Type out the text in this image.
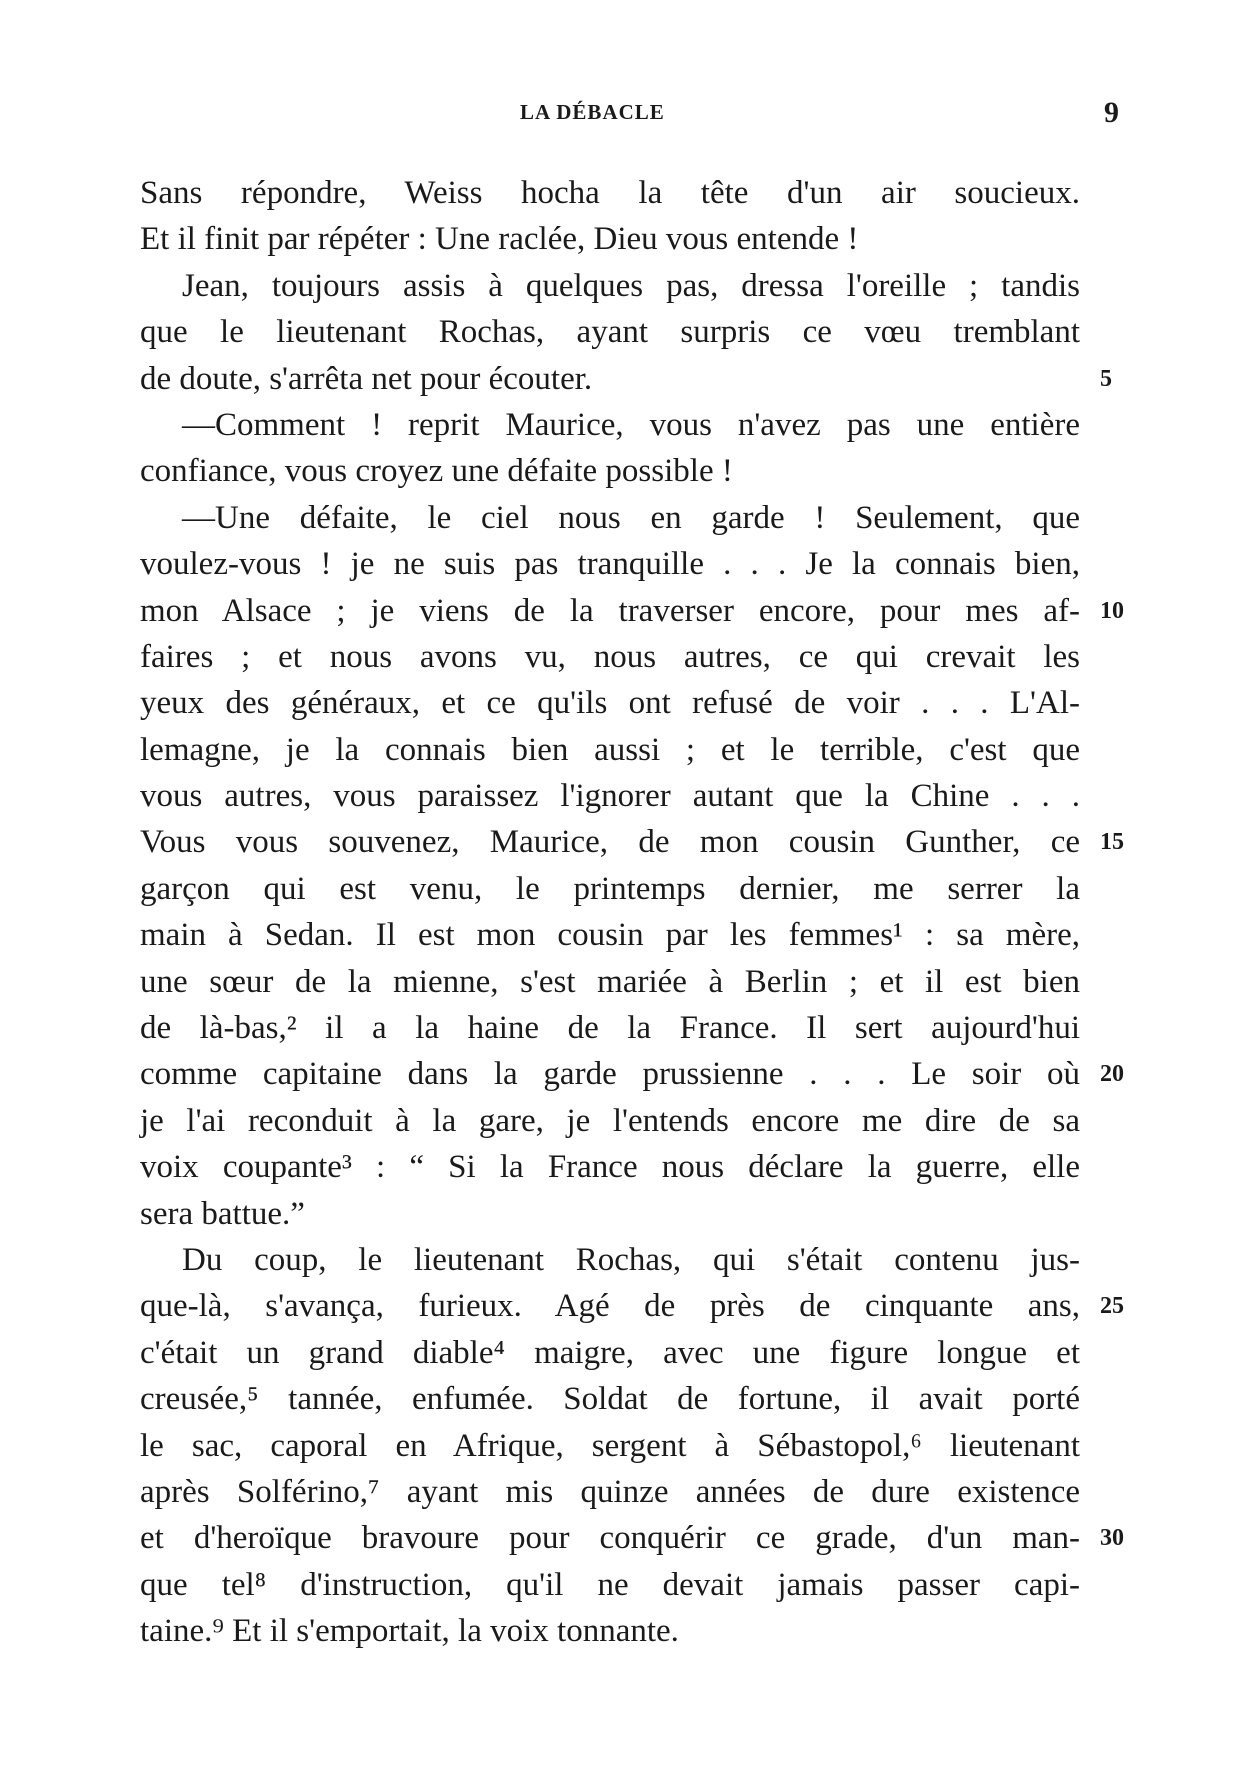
LA DÉBACLE	9
Sans répondre, Weiss hocha la tête d'un air soucieux.
Et il finit par répéter : Une raclée, Dieu vous entende !
Jean, toujours assis à quelques pas, dressa l'oreille ; tandis
que le lieutenant Rochas, ayant surpris ce vœu tremblant
de doute, s'arrêta net pour écouter.	5
—Comment ! reprit Maurice, vous n'avez pas une entière
confiance, vous croyez une défaite possible !
—Une défaite, le ciel nous en garde ! Seulement, que
voulez-vous ! je ne suis pas tranquille . . . Je la connais bien,
mon Alsace ; je viens de la traverser encore, pour mes af- 10
faires ; et nous avons vu, nous autres, ce qui crevait les
yeux des généraux, et ce qu'ils ont refusé de voir . . . L'Al-
lemagne, je la connais bien aussi ; et le terrible, c'est que
vous autres, vous paraissez l'ignorer autant que la Chine . . .
Vous vous souvenez, Maurice, de mon cousin Gunther, ce 15
garçon qui est venu, le printemps dernier, me serrer la
main à Sedan. Il est mon cousin par les femmes¹ : sa mère,
une sœur de la mienne, s'est mariée à Berlin ; et il est bien
de là-bas,² il a la haine de la France. Il sert aujourd'hui
comme capitaine dans la garde prussienne . . . Le soir où 20
je l'ai reconduit à la gare, je l'entends encore me dire de sa
voix coupante³ : “ Si la France nous déclare la guerre, elle
sera battue.”
Du coup, le lieutenant Rochas, qui s'était contenu jus-
que-là, s'avança, furieux. Agé de près de cinquante ans, 25
c'était un grand diable⁴ maigre, avec une figure longue et
creusée,⁵ tannée, enfumée. Soldat de fortune, il avait porté
le sac, caporal en Afrique, sergent à Sébastopol,⁶ lieutenant
après Solférino,⁷ ayant mis quinze années de dure existence
et d'heroïque bravoure pour conquérir ce grade, d'un man- 30
que tel⁸ d'instruction, qu'il ne devait jamais passer capi-
taine.⁹ Et il s'emportait, la voix tonnante.
